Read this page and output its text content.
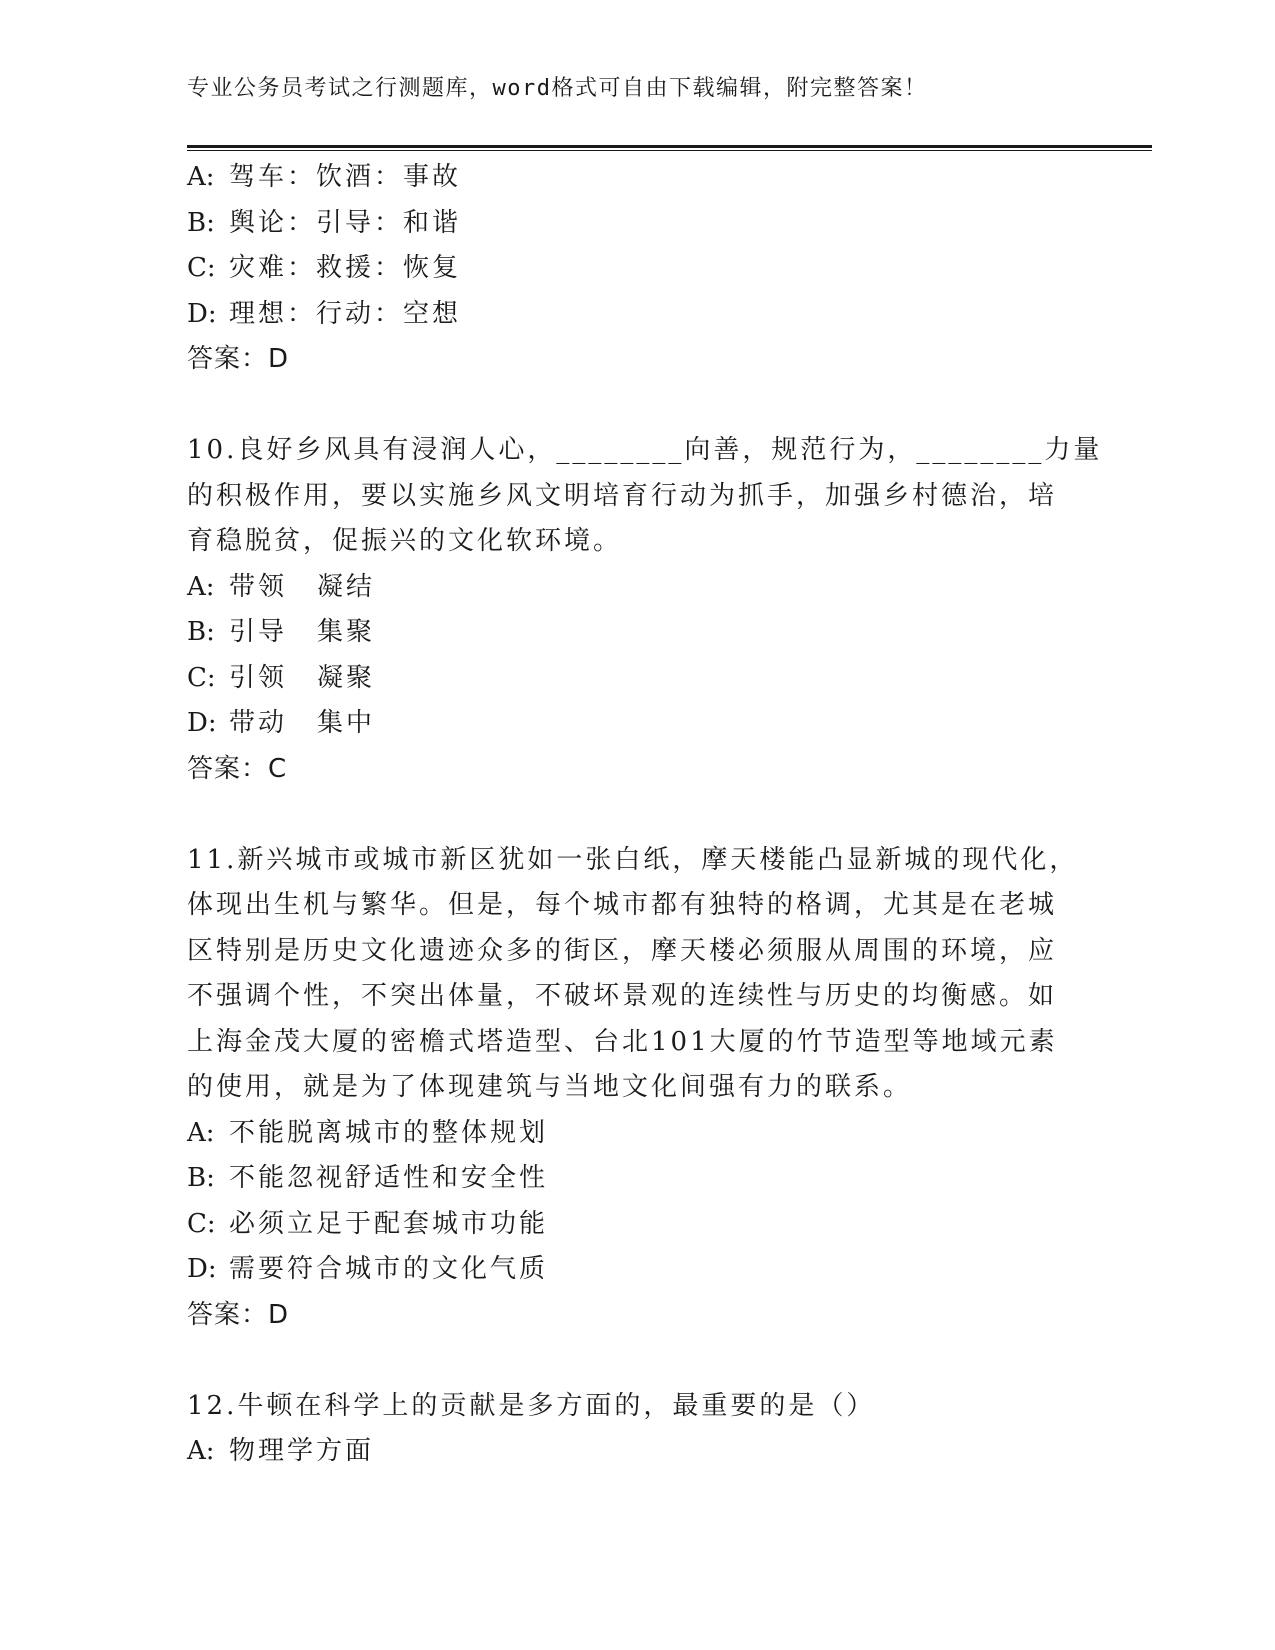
专业公务员考试之行测题库，word格式可自由下载编辑，附完整答案！
A: 驾车：饮酒：事故
B: 舆论：引导：和谐
C: 灾难：救援：恢复
D: 理想：行动：空想
答案：D
10.良好乡风具有浸润人心，________向善，规范行为，________力量
的积极作用，要以实施乡风文明培育行动为抓手，加强乡村德治，培
育稳脱贫，促振兴的文化软环境。
A: 带领 凝结
B: 引导 集聚
C: 引领 凝聚
D: 带动 集中
答案：C
11.新兴城市或城市新区犹如一张白纸，摩天楼能凸显新城的现代化，
体现出生机与繁华。但是，每个城市都有独特的格调，尤其是在老城
区特别是历史文化遗迹众多的街区，摩天楼必须服从周围的环境，应
不强调个性，不突出体量，不破坏景观的连续性与历史的均衡感。如
上海金茂大厦的密檐式塔造型、台北101大厦的竹节造型等地域元素
的使用，就是为了体现建筑与当地文化间强有力的联系。
A: 不能脱离城市的整体规划
B: 不能忽视舒适性和安全性
C: 必须立足于配套城市功能
D: 需要符合城市的文化气质
答案：D
12.牛顿在科学上的贡献是多方面的，最重要的是（）
A: 物理学方面
